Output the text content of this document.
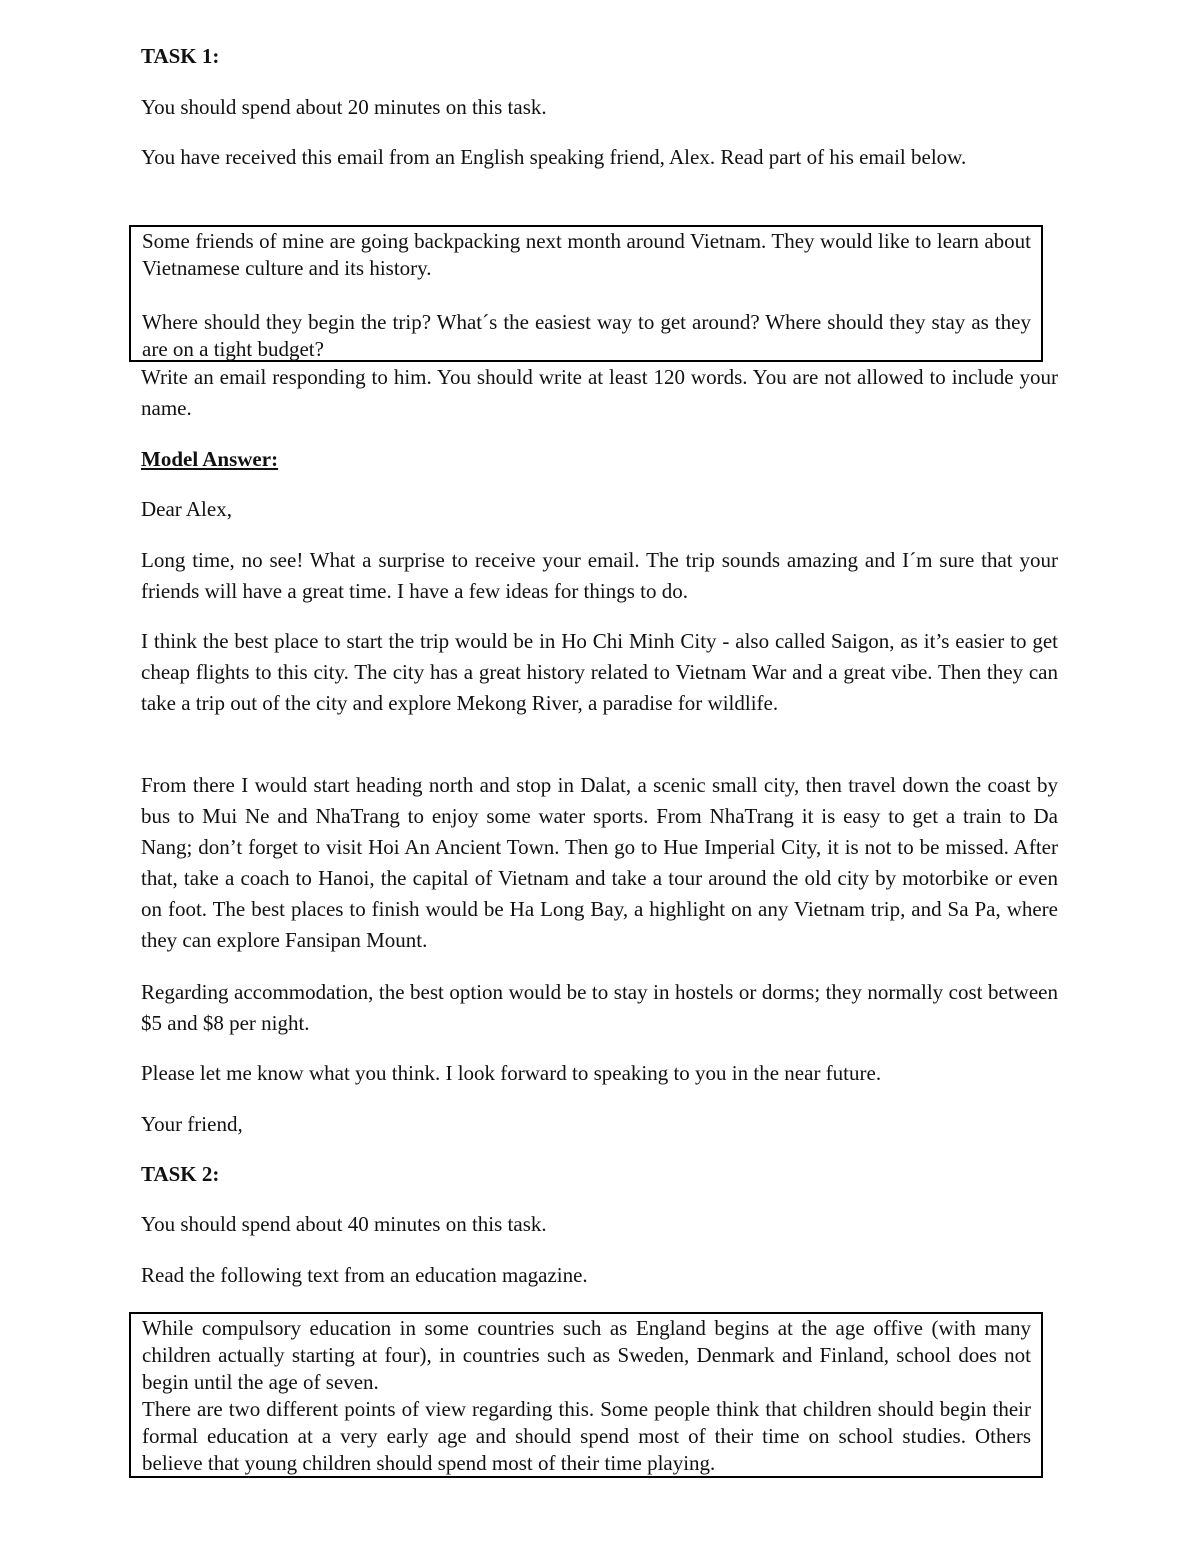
TASK 1:

You should spend about 20 minutes on this task.

You have received this email from an English speaking friend, Alex. Read part of his email below.

Some friends of mine are going backpacking next month around Vietnam. They would like to learn about Vietnamese culture and its history.

Where should they begin the trip? What´s the easiest way to get around? Where should they stay as they are on a tight budget?

Write an email responding to him. You should write at least 120 words. You are not allowed to include your name.

Model Answer:

Dear Alex,

Long time, no see! What a surprise to receive your email. The trip sounds amazing and I´m sure that your friends will have a great time. I have a few ideas for things to do.

I think the best place to start the trip would be in Ho Chi Minh City - also called Saigon, as it’s easier to get cheap flights to this city. The city has a great history related to Vietnam War and a great vibe. Then they can take a trip out of the city and explore Mekong River, a paradise for wildlife.

From there I would start heading north and stop in Dalat, a scenic small city, then travel down the coast by bus to Mui Ne and NhaTrang to enjoy some water sports. From NhaTrang it is easy to get a train to Da Nang; don’t forget to visit Hoi An Ancient Town. Then go to Hue Imperial City, it is not to be missed. After that, take a coach to Hanoi, the capital of Vietnam and take a tour around the old city by motorbike or even on foot. The best places to finish would be Ha Long Bay, a highlight on any Vietnam trip, and Sa Pa, where they can explore Fansipan Mount.

Regarding accommodation, the best option would be to stay in hostels or dorms; they normally cost between $5 and $8 per night.

Please let me know what you think. I look forward to speaking to you in the near future.

Your friend,

TASK 2:

You should spend about 40 minutes on this task.

Read the following text from an education magazine.

While compulsory education in some countries such as England begins at the age offive (with many children actually starting at four), in countries such as Sweden, Denmark and Finland, school does not begin until the age of seven.

There are two different points of view regarding this. Some people think that children should begin their formal education at a very early age and should spend most of their time on school studies. Others believe that young children should spend most of their time playing.
